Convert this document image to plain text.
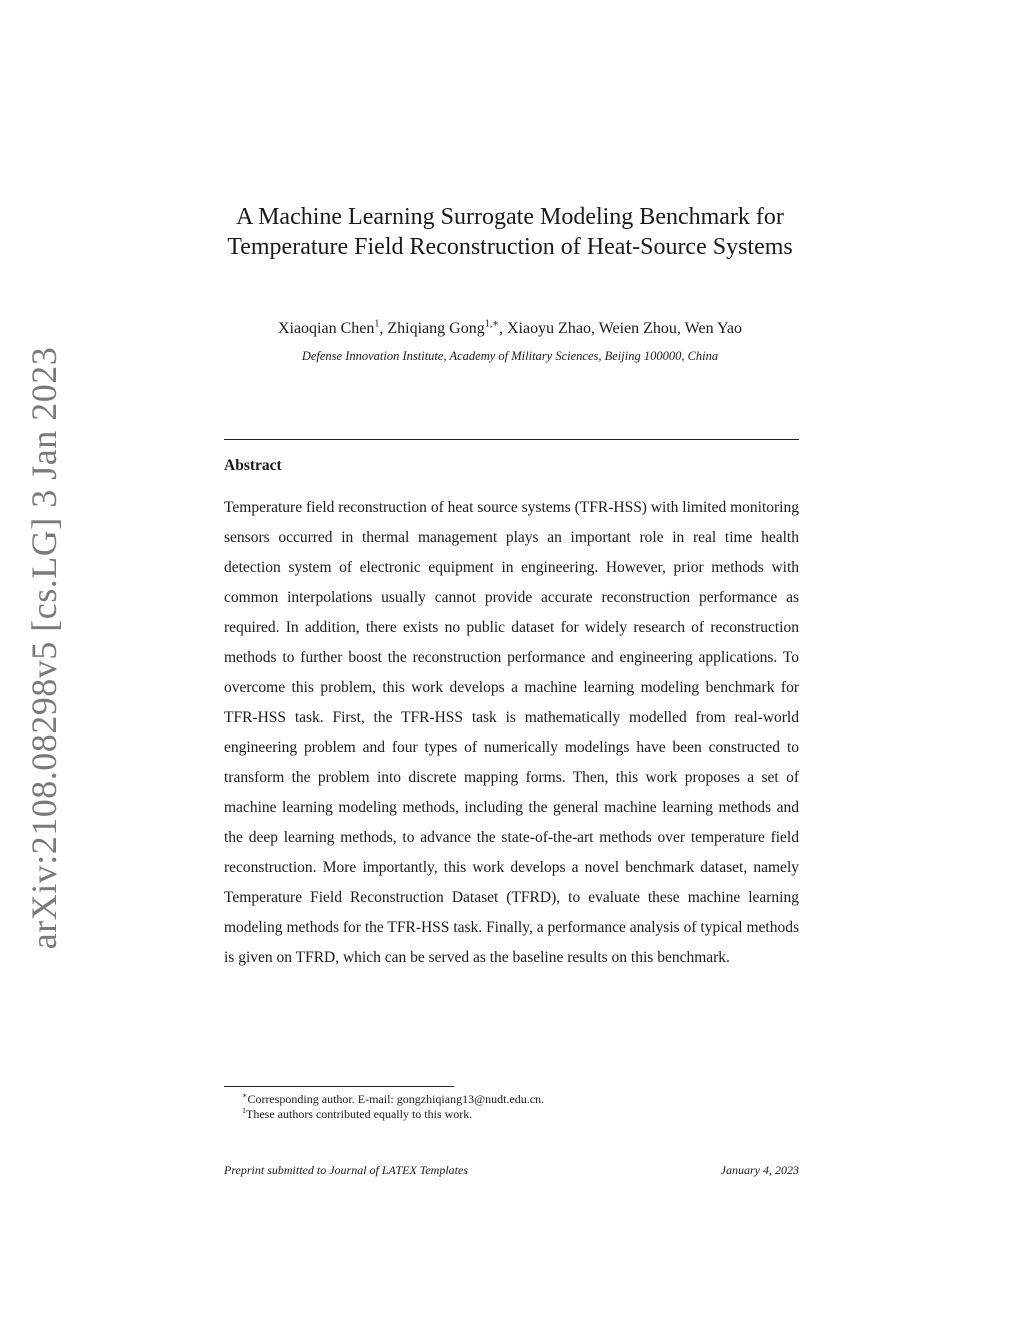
arXiv:2108.08298v5 [cs.LG] 3 Jan 2023
A Machine Learning Surrogate Modeling Benchmark for Temperature Field Reconstruction of Heat-Source Systems
Xiaoqian Chen$^1$, Zhiqiang Gong$^{1,∗}$, Xiaoyu Zhao, Weien Zhou, Wen Yao
Defense Innovation Institute, Academy of Military Sciences, Beijing 100000, China
Abstract
Temperature field reconstruction of heat source systems (TFR-HSS) with limited monitoring sensors occurred in thermal management plays an important role in real time health detection system of electronic equipment in engineering. However, prior methods with common interpolations usually cannot provide accurate reconstruction performance as required. In addition, there exists no public dataset for widely research of reconstruction methods to further boost the reconstruction performance and engineering applications. To overcome this problem, this work develops a machine learning modeling benchmark for TFR-HSS task. First, the TFR-HSS task is mathematically modelled from real-world engineering problem and four types of numerically modelings have been constructed to transform the problem into discrete mapping forms. Then, this work proposes a set of machine learning modeling methods, including the general machine learning methods and the deep learning methods, to advance the state-of-the-art methods over temperature field reconstruction. More importantly, this work develops a novel benchmark dataset, namely Temperature Field Reconstruction Dataset (TFRD), to evaluate these machine learning modeling methods for the TFR-HSS task. Finally, a performance analysis of typical methods is given on TFRD, which can be served as the baseline results on this benchmark.
∗Corresponding author. E-mail: gongzhiqiang13@nudt.edu.cn.
$^1$These authors contributed equally to this work.
Preprint submitted to Journal of LATEX Templates	January 4, 2023
